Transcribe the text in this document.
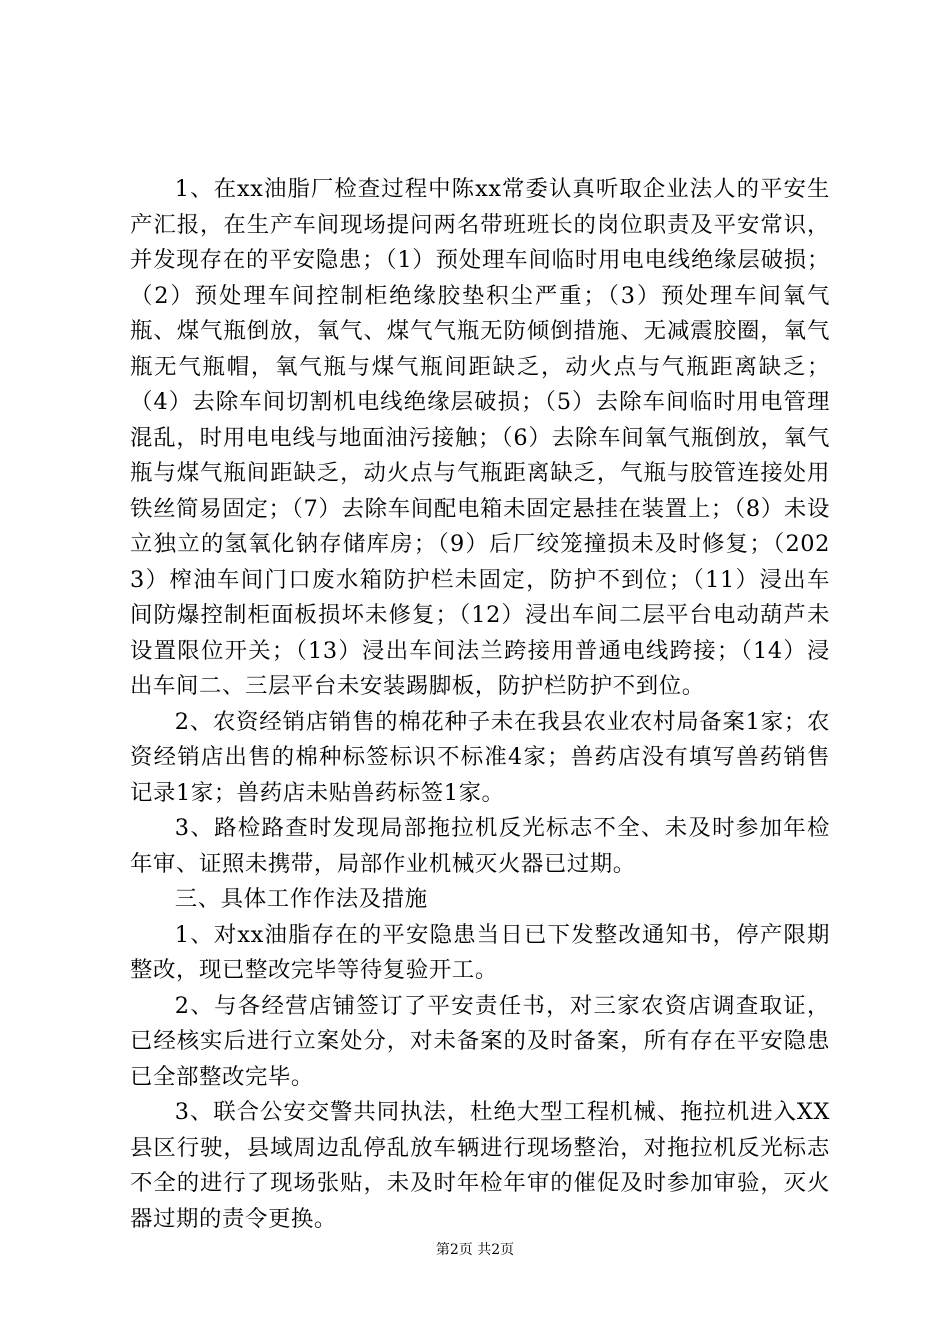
1、在xx油脂厂检查过程中陈xx常委认真听取企业法人的平安生产汇报，在生产车间现场提问两名带班班长的岗位职责及平安常识，并发现存在的平安隐患；（1）预处理车间临时用电电线绝缘层破损；（2）预处理车间控制柜绝缘胶垫积尘严重；（3）预处理车间氧气瓶、煤气瓶倒放，氧气、煤气气瓶无防倾倒措施、无减震胶圈，氧气瓶无气瓶帽，氧气瓶与煤气瓶间距缺乏，动火点与气瓶距离缺乏；（4）去除车间切割机电线绝缘层破损；（5）去除车间临时用电管理混乱，时用电电线与地面油污接触；（6）去除车间氧气瓶倒放，氧气瓶与煤气瓶间距缺乏，动火点与气瓶距离缺乏，气瓶与胶管连接处用铁丝简易固定；（7）去除车间配电箱未固定悬挂在装置上；（8）未设立独立的氢氧化钠存储库房；（9）后厂绞笼撞损未及时修复；（2023）榨油车间门口废水箱防护栏未固定，防护不到位；（11）浸出车间防爆控制柜面板损坏未修复；（12）浸出车间二层平台电动葫芦未设置限位开关；（13）浸出车间法兰跨接用普通电线跨接；（14）浸出车间二、三层平台未安装踢脚板，防护栏防护不到位。

2、农资经销店销售的棉花种子未在我县农业农村局备案1家；农资经销店出售的棉种标签标识不标准4家；兽药店没有填写兽药销售记录1家；兽药店未贴兽药标签1家。

3、路检路查时发现局部拖拉机反光标志不全、未及时参加年检年审、证照未携带，局部作业机械灭火器已过期。

三、具体工作作法及措施

1、对xx油脂存在的平安隐患当日已下发整改通知书，停产限期整改，现已整改完毕等待复验开工。

2、与各经营店铺签订了平安责任书，对三家农资店调查取证，已经核实后进行立案处分，对未备案的及时备案，所有存在平安隐患已全部整改完毕。

3、联合公安交警共同执法，杜绝大型工程机械、拖拉机进入XX县区行驶，县域周边乱停乱放车辆进行现场整治，对拖拉机反光标志不全的进行了现场张贴，未及时年检年审的催促及时参加审验，灭火器过期的责令更换。

第2页 共2页
